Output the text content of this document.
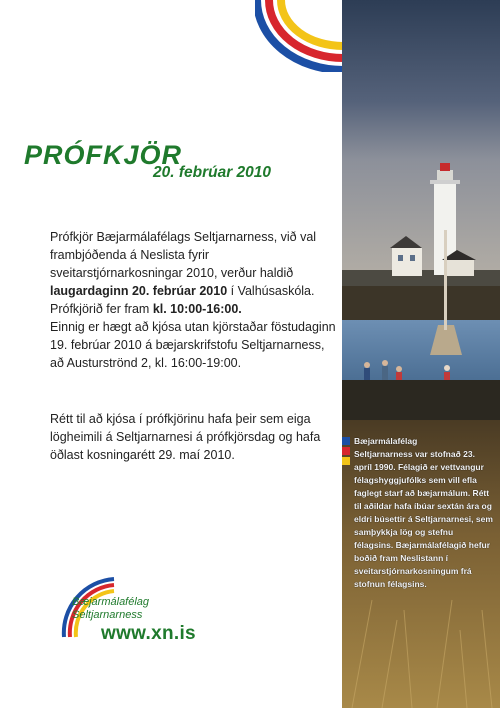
PRÓFKJÖR
20. febrúar 2010

Prófkjör Bæjarmálafélags Seltjarnarness, við val frambjóðenda á Neslista fyrir sveitarstjórnarkosningar 2010, verður haldið laugardaginn 20. febrúar 2010 í Valhúsaskóla. Prófkjörið fer fram kl. 10:00-16:00.

Einnig er hægt að kjósa utan kjörstaðar föstudaginn 19. febrúar 2010 á bæjarskrifstofu Seltjarnarness, að Austurströnd 2, kl. 16:00-19:00.

Rétt til að kjósa í prófkjörinu hafa þeir sem eiga lögheimili á Seltjarnarnesi á prófkjörsdag og hafa öðlast kosningarétt 29. maí 2010.

Bæjarmálafélag
Seltjarnarness
www.xn.is
Bæjarmálafélag
Seltjarnarness var stofnað 23. apríl 1990. Félagið er vettvangur félagshyggjufólks sem vill efla faglegt starf að bæjarmálum. Rétt til aðildar hafa íbúar sextán ára og eldri búsettir á Seltjarnarnesi, sem samþykkja lög og stefnu félagsins. Bæjarmálafélagið hefur boðið fram Neslistann í sveitarstjórnarkosningum frá stofnun félagsins.
